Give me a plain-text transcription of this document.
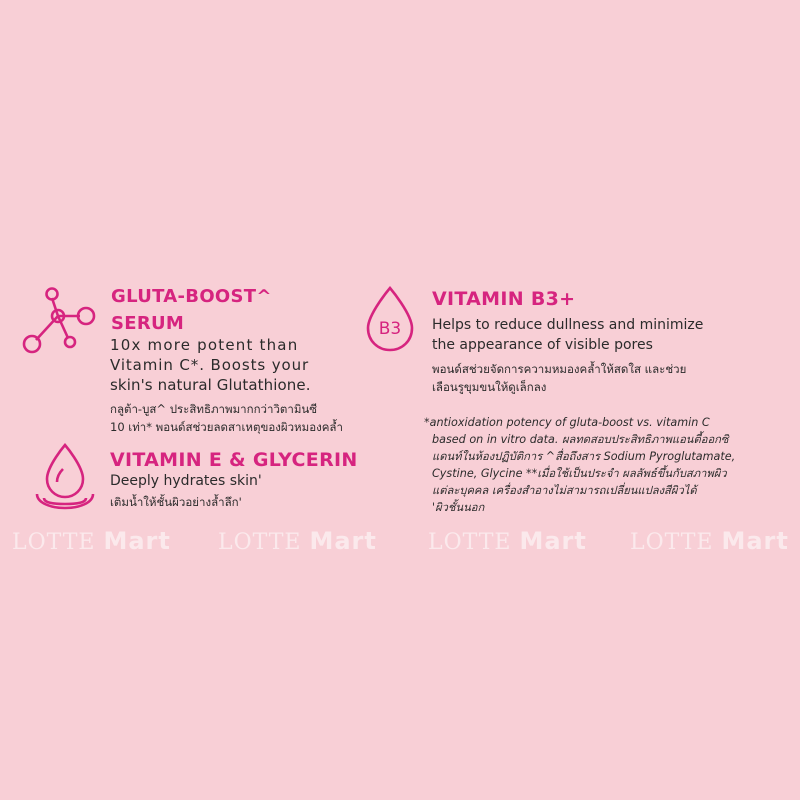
GLUTA-BOOST^
SERUM

10x more potent than

Vitamin C*. Boosts your

skin's natural Glutathione.

กลูต้า-บูส^ ประสิทธิภาพมากกว่าวิตามินซี

10 เท่า* พอนด์สช่วยลดสาเหตุของผิวหมองคล้ำ

VITAMIN E & GLYCERIN

Deeply hydrates skin'

เติมน้ำให้ชั้นผิวอย่างล้ำลึก'

B3
VITAMIN B3+

Helps to reduce dullness and minimize

the appearance of visible pores

พอนด์สช่วยจัดการความหมองคล้ำให้สดใส และช่วย

เลือนรูขุมขนให้ดูเล็กลง

*antioxidation potency of gluta-boost vs. vitamin C

based on in vitro data. ผลทดสอบประสิทธิภาพแอนตี้ออกซิ

แดนท์ในห้องปฏิบัติการ ^สื่อถึงสาร Sodium Pyroglutamate,

Cystine, Glycine **เมื่อใช้เป็นประจำ ผลลัพธ์ขึ้นกับสภาพผิว

แต่ละบุคคล เครื่องสำอางไม่สามารถเปลี่ยนแปลงสีผิวได้

'ผิวชั้นนอก

LOTTE Mart LOTTE Mart LOTTE Mart LOTTE Mart
